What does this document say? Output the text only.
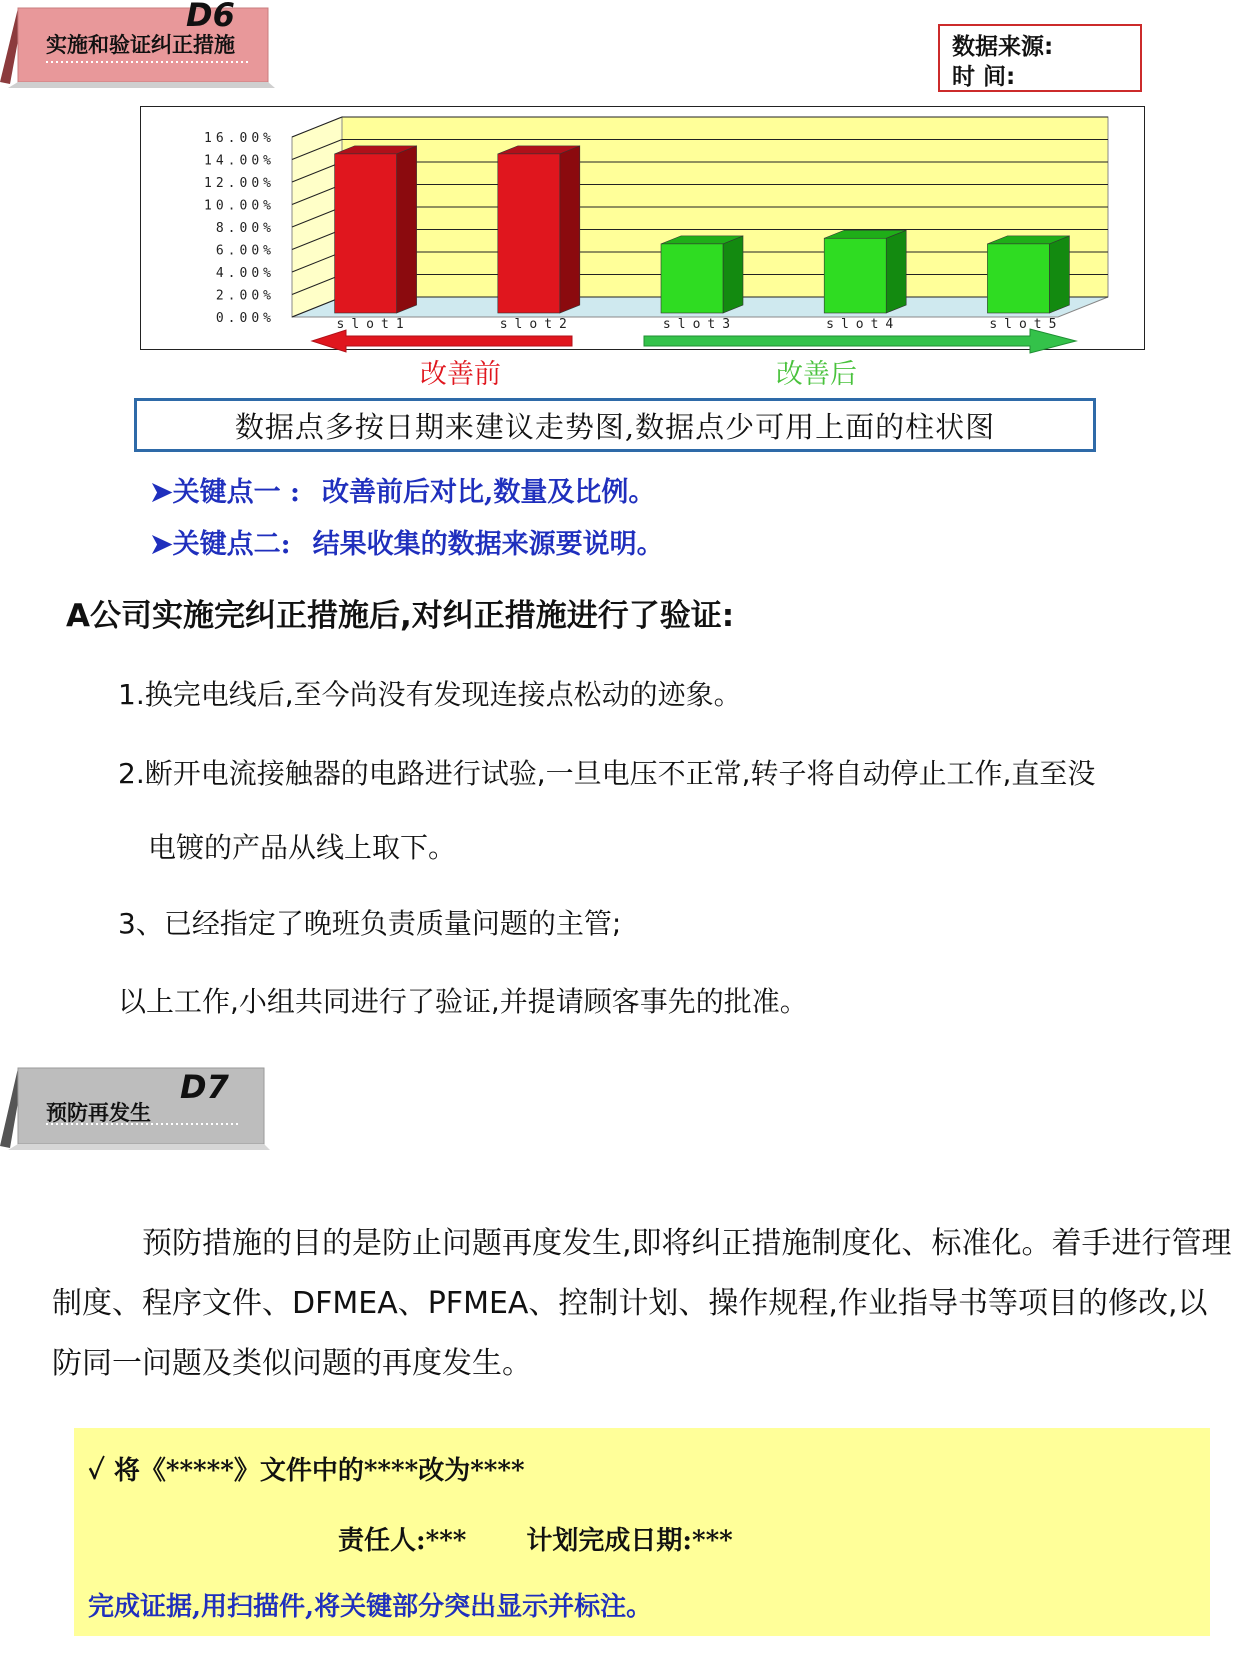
D6
实施和验证纠正措施	数据来源:
时 间:
16.00%
14.00%
12.00%
10.00%
8.00%
6.00%
4.00%
2.00%
0.00%	slot1	slot2	slot3	slot4	slot5
改善前	改善后
数据点多按日期来建议走势图,数据点少可用上面的柱状图
➤关键点一 : 改善前后对比,数量及比例。
➤关键点二: 结果收集的数据来源要说明。
A公司实施完纠正措施后,对纠正措施进行了验证:
1.换完电线后,至今尚没有发现连接点松动的迹象。
2.断开电流接触器的电路进行试验,一旦电压不正常,转子将自动停止工作,直至没
电镀的产品从线上取下。
3、已经指定了晚班负责质量问题的主管;
以上工作,小组共同进行了验证,并提请顾客事先的批准。
D7
预防再发生
预防措施的目的是防止问题再度发生,即将纠正措施制度化、标准化。着手进行管理制度、程序文件、DFMEA、PFMEA、控制计划、操作规程,作业指导书等项目的修改,以防同一问题及类似问题的再度发生。
✓ 将《*****》文件中的****改为****
责任人:*** 计划完成日期:***
完成证据,用扫描件,将关键部分突出显示并标注。
